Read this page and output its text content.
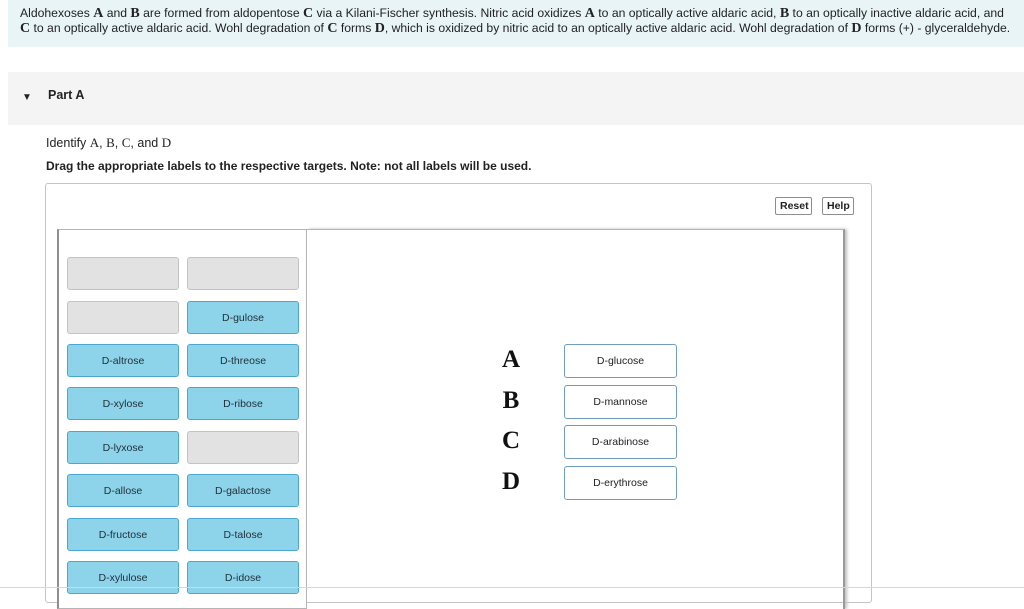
Aldohexoses A and B are formed from aldopentose C via a Kilani-Fischer synthesis. Nitric acid oxidizes A to an optically active aldaric acid, B to an optically inactive aldaric acid, and
C to an optically active aldaric acid. Wohl degradation of C forms D, which is oxidized by nitric acid to an optically active aldaric acid. Wohl degradation of D forms (+) - glyceraldehyde.
▼ Part A
Identify A, B, C, and D
Drag the appropriate labels to the respective targets. Note: not all labels will be used.
Reset	Help
D-altrose
D-xylose
D-lyxose
D-allose
D-fructose
D-xylulose
D-gulose
D-threose
D-ribose
D-galactose
D-talose
D-idose
A	D-glucose
B	D-mannose
C	D-arabinose
D	D-erythrose
